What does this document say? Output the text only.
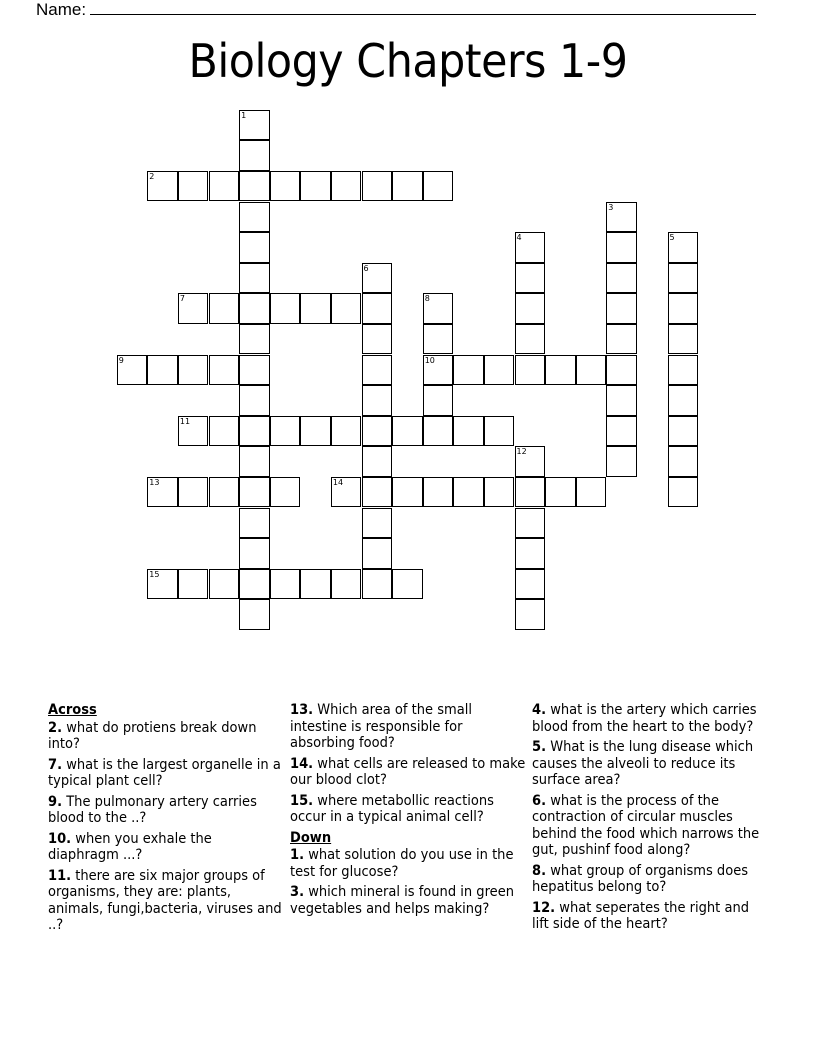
Name:
Biology Chapters 1-9
1
2
3
4	5
6
7	8
10
9
11
12
13	14
15
Across
2. what do protiens break down into?
7. what is the largest organelle in a typical plant cell?
9. The pulmonary artery carries blood to the ..?
10. when you exhale the diaphragm ...?
11. there are six major groups of organisms, they are: plants, animals, fungi,bacteria, viruses and ..?
13. Which area of the small intestine is responsible for absorbing food?
14. what cells are released to make our blood clot?
15. where metabollic reactions occur in a typical animal cell?
Down
1. what solution do you use in the test for glucose?
3. which mineral is found in green vegetables and helps making?
4. what is the artery which carries blood from the heart to the body?
5. What is the lung disease which causes the alveoli to reduce its surface area?
6. what is the process of the contraction of circular muscles behind the food which narrows the gut, pushinf food along?
8. what group of organisms does hepatitus belong to?
12. what seperates the right and lift side of the heart?
